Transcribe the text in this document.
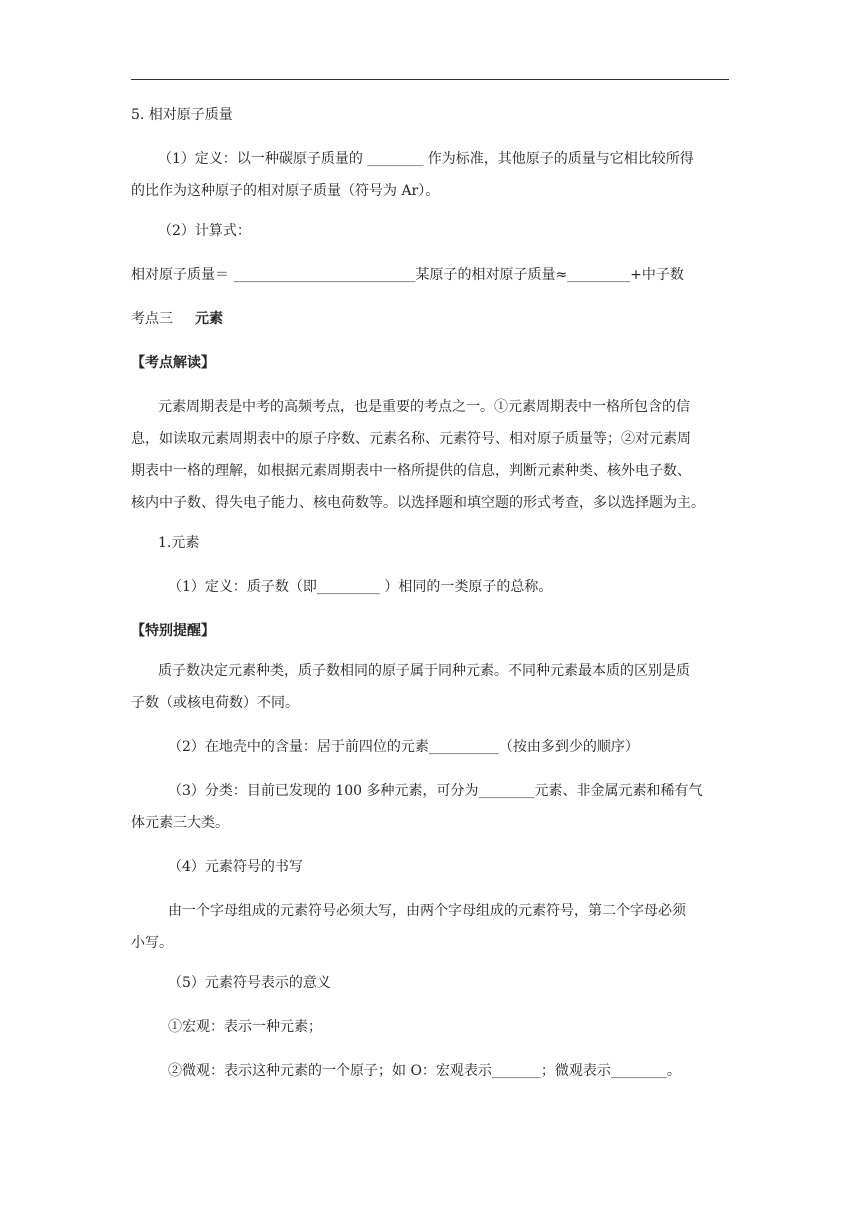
5. 相对原子质量
（1）定义：以一种碳原子质量的 ________ 作为标准，其他原子的质量与它相比较所得
的比作为这种原子的相对原子质量（符号为 Ar）。
（2）计算式：
相对原子质量＝ __________________________某原子的相对原子质量≈_________+中子数
考点三 元素
【考点解读】
元素周期表是中考的高频考点，也是重要的考点之一。①元素周期表中一格所包含的信
息，如读取元素周期表中的原子序数、元素名称、元素符号、相对原子质量等；②对元素周
期表中一格的理解，如根据元素周期表中一格所提供的信息，判断元素种类、核外电子数、
核内中子数、得失电子能力、核电荷数等。以选择题和填空题的形式考查，多以选择题为主。
1.元素
（1）定义：质子数（即_________ ）相同的一类原子的总称。
【特别提醒】
质子数决定元素种类，质子数相同的原子属于同种元素。不同种元素最本质的区别是质
子数（或核电荷数）不同。
（2）在地壳中的含量：居于前四位的元素__________（按由多到少的顺序）
（3）分类：目前已发现的 100 多种元素，可分为________元素、非金属元素和稀有气
体元素三大类。
（4）元素符号的书写
由一个字母组成的元素符号必须大写，由两个字母组成的元素符号，第二个字母必须
小写。
（5）元素符号表示的意义
①宏观：表示一种元素；
②微观：表示这种元素的一个原子；如 O：宏观表示_______；微观表示________。
